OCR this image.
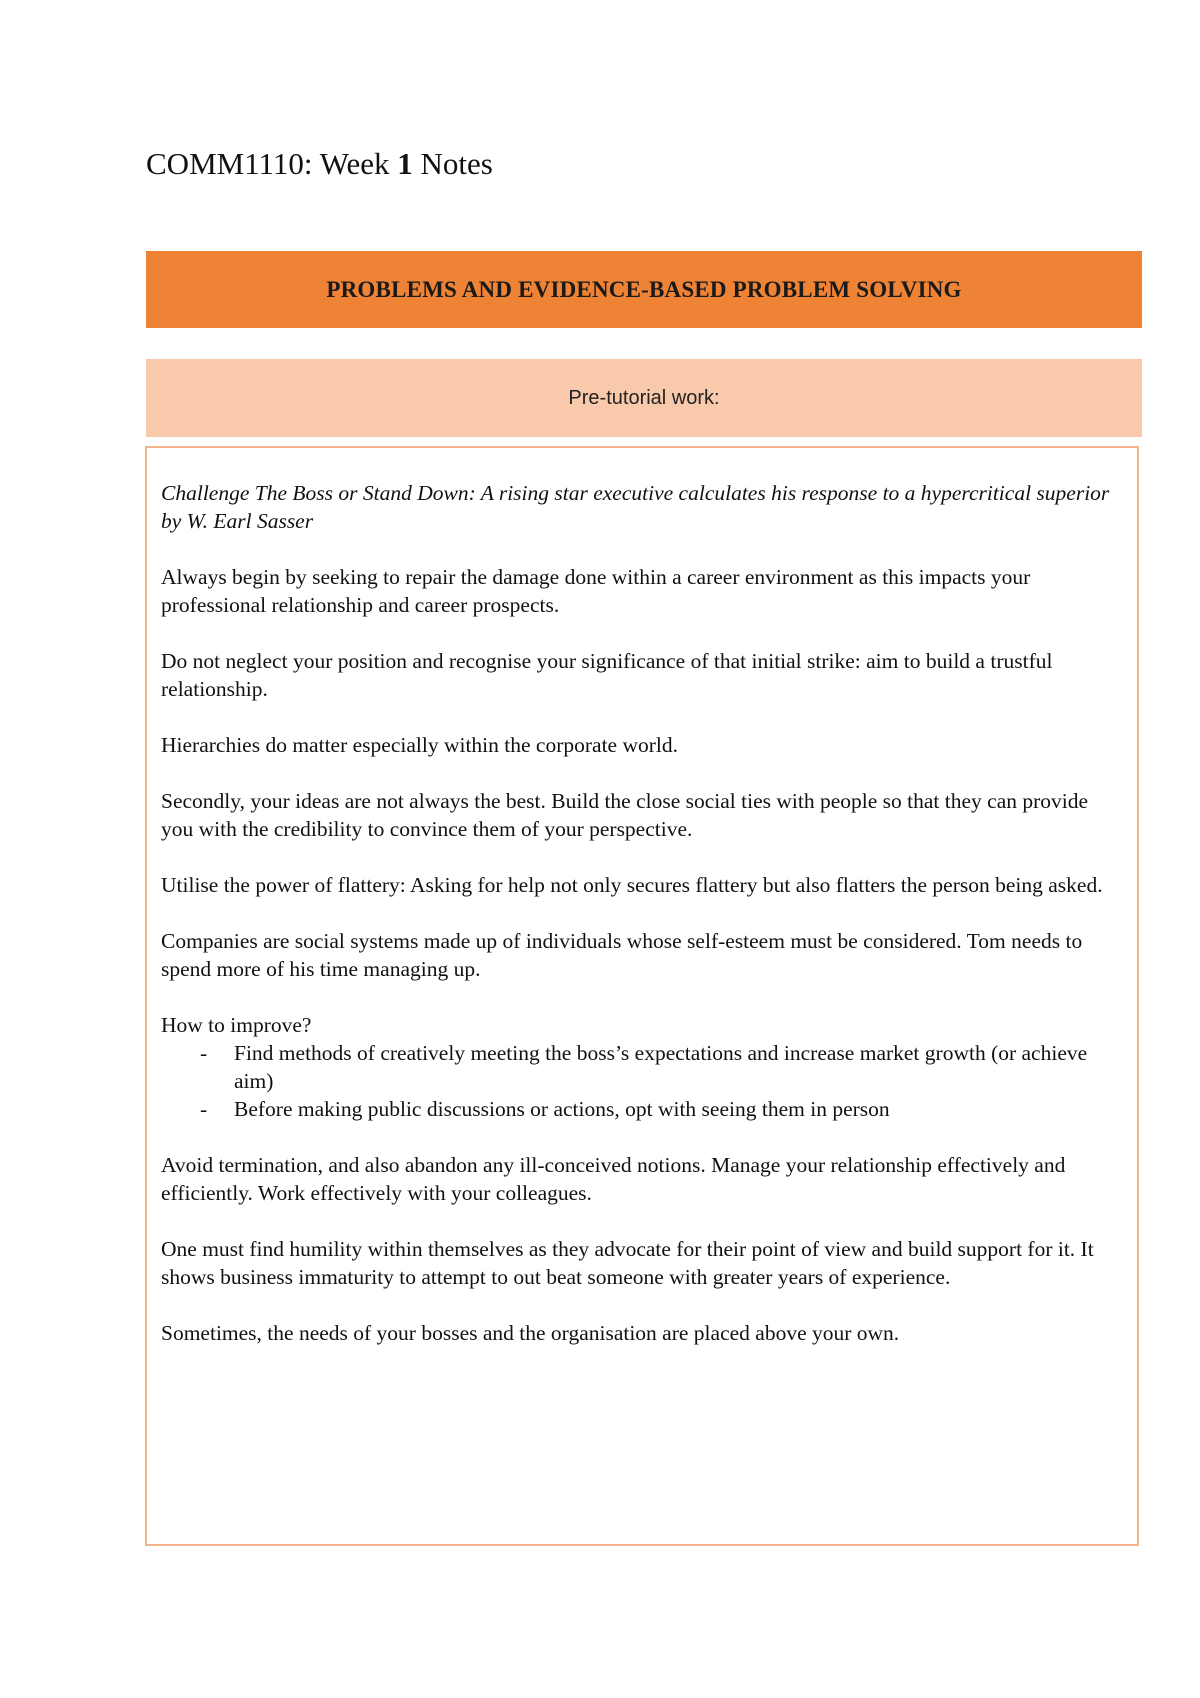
COMM1110: Week 1 Notes
PROBLEMS AND EVIDENCE-BASED PROBLEM SOLVING
Pre-tutorial work:

Challenge The Boss or Stand Down: A rising star executive calculates his response to a hypercritical superior by W. Earl Sasser

Always begin by seeking to repair the damage done within a career environment as this impacts your professional relationship and career prospects.

Do not neglect your position and recognise your significance of that initial strike: aim to build a trustful relationship.

Hierarchies do matter especially within the corporate world.

Secondly, your ideas are not always the best. Build the close social ties with people so that they can provide you with the credibility to convince them of your perspective.

Utilise the power of flattery: Asking for help not only secures flattery but also flatters the person being asked.

Companies are social systems made up of individuals whose self-esteem must be considered. Tom needs to spend more of his time managing up.

How to improve?

- Find methods of creatively meeting the boss’s expectations and increase market growth (or achieve aim)
- Before making public discussions or actions, opt with seeing them in person

Avoid termination, and also abandon any ill-conceived notions. Manage your relationship effectively and efficiently. Work effectively with your colleagues.

One must find humility within themselves as they advocate for their point of view and build support for it. It shows business immaturity to attempt to out beat someone with greater years of experience.

Sometimes, the needs of your bosses and the organisation are placed above your own.
